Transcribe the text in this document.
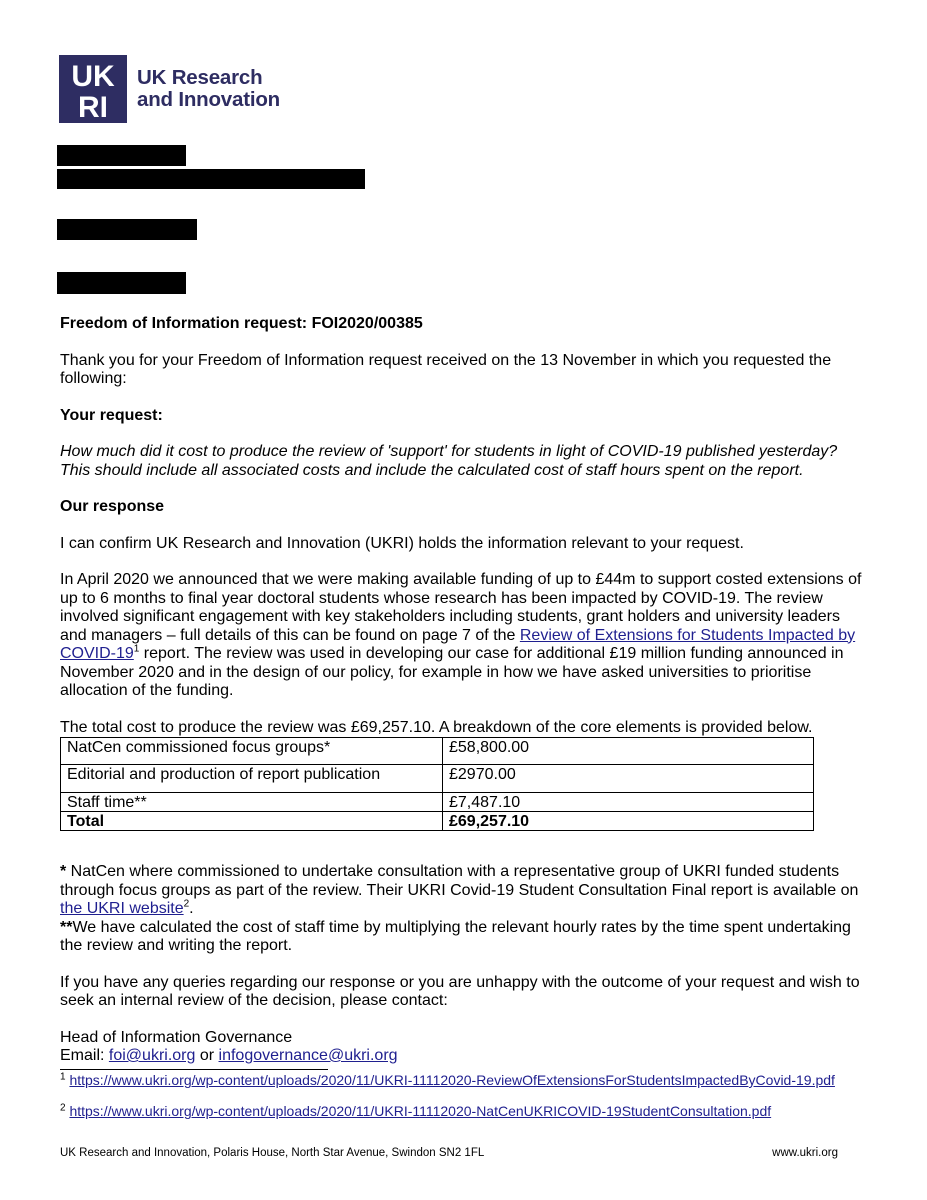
UK
RI
UK Research
and Innovation

Freedom of Information request: FOI2020/00385

Thank you for your Freedom of Information request received on the 13 November in which you requested the following:

Your request:

How much did it cost to produce the review of 'support' for students in light of COVID-19 published yesterday? This should include all associated costs and include the calculated cost of staff hours spent on the report.

Our response

I can confirm UK Research and Innovation (UKRI) holds the information relevant to your request.

In April 2020 we announced that we were making available funding of up to £44m to support costed extensions of up to 6 months to final year doctoral students whose research has been impacted by COVID-19. The review involved significant engagement with key stakeholders including students, grant holders and university leaders and managers – full details of this can be found on page 7 of the Review of Extensions for Students Impacted by COVID-$19^1$ report. The review was used in developing our case for additional £19 million funding announced in November 2020 and in the design of our policy, for example in how we have asked universities to prioritise allocation of the funding.

The total cost to produce the review was £69,257.10. A breakdown of the core elements is provided below.

NatCen commissioned focus groups*	£58,800.00
Editorial and production of report publication	£2970.00
Staff time**	£7,487.10
Total	£69,257.10

* NatCen where commissioned to undertake consultation with a representative group of UKRI funded students through focus groups as part of the review. Their UKRI Covid-19 Student Consultation Final report is available on the UKRI website$^2$.

**We have calculated the cost of staff time by multiplying the relevant hourly rates by the time spent undertaking the review and writing the report.

If you have any queries regarding our response or you are unhappy with the outcome of your request and wish to seek an internal review of the decision, please contact:

Head of Information Governance

Email: foi@ukri.org or infogovernance@ukri.org

$^1$ https://www.ukri.org/wp-content/uploads/2020/11/UKRI-11112020-ReviewOfExtensionsForStudentsImpactedByCovid-19.pdf

$^2$ https://www.ukri.org/wp-content/uploads/2020/11/UKRI-11112020-NatCenUKRICOVID-19StudentConsultation.pdf

UK Research and Innovation, Polaris House, North Star Avenue, Swindon SN2 1FL	www.ukri.org
